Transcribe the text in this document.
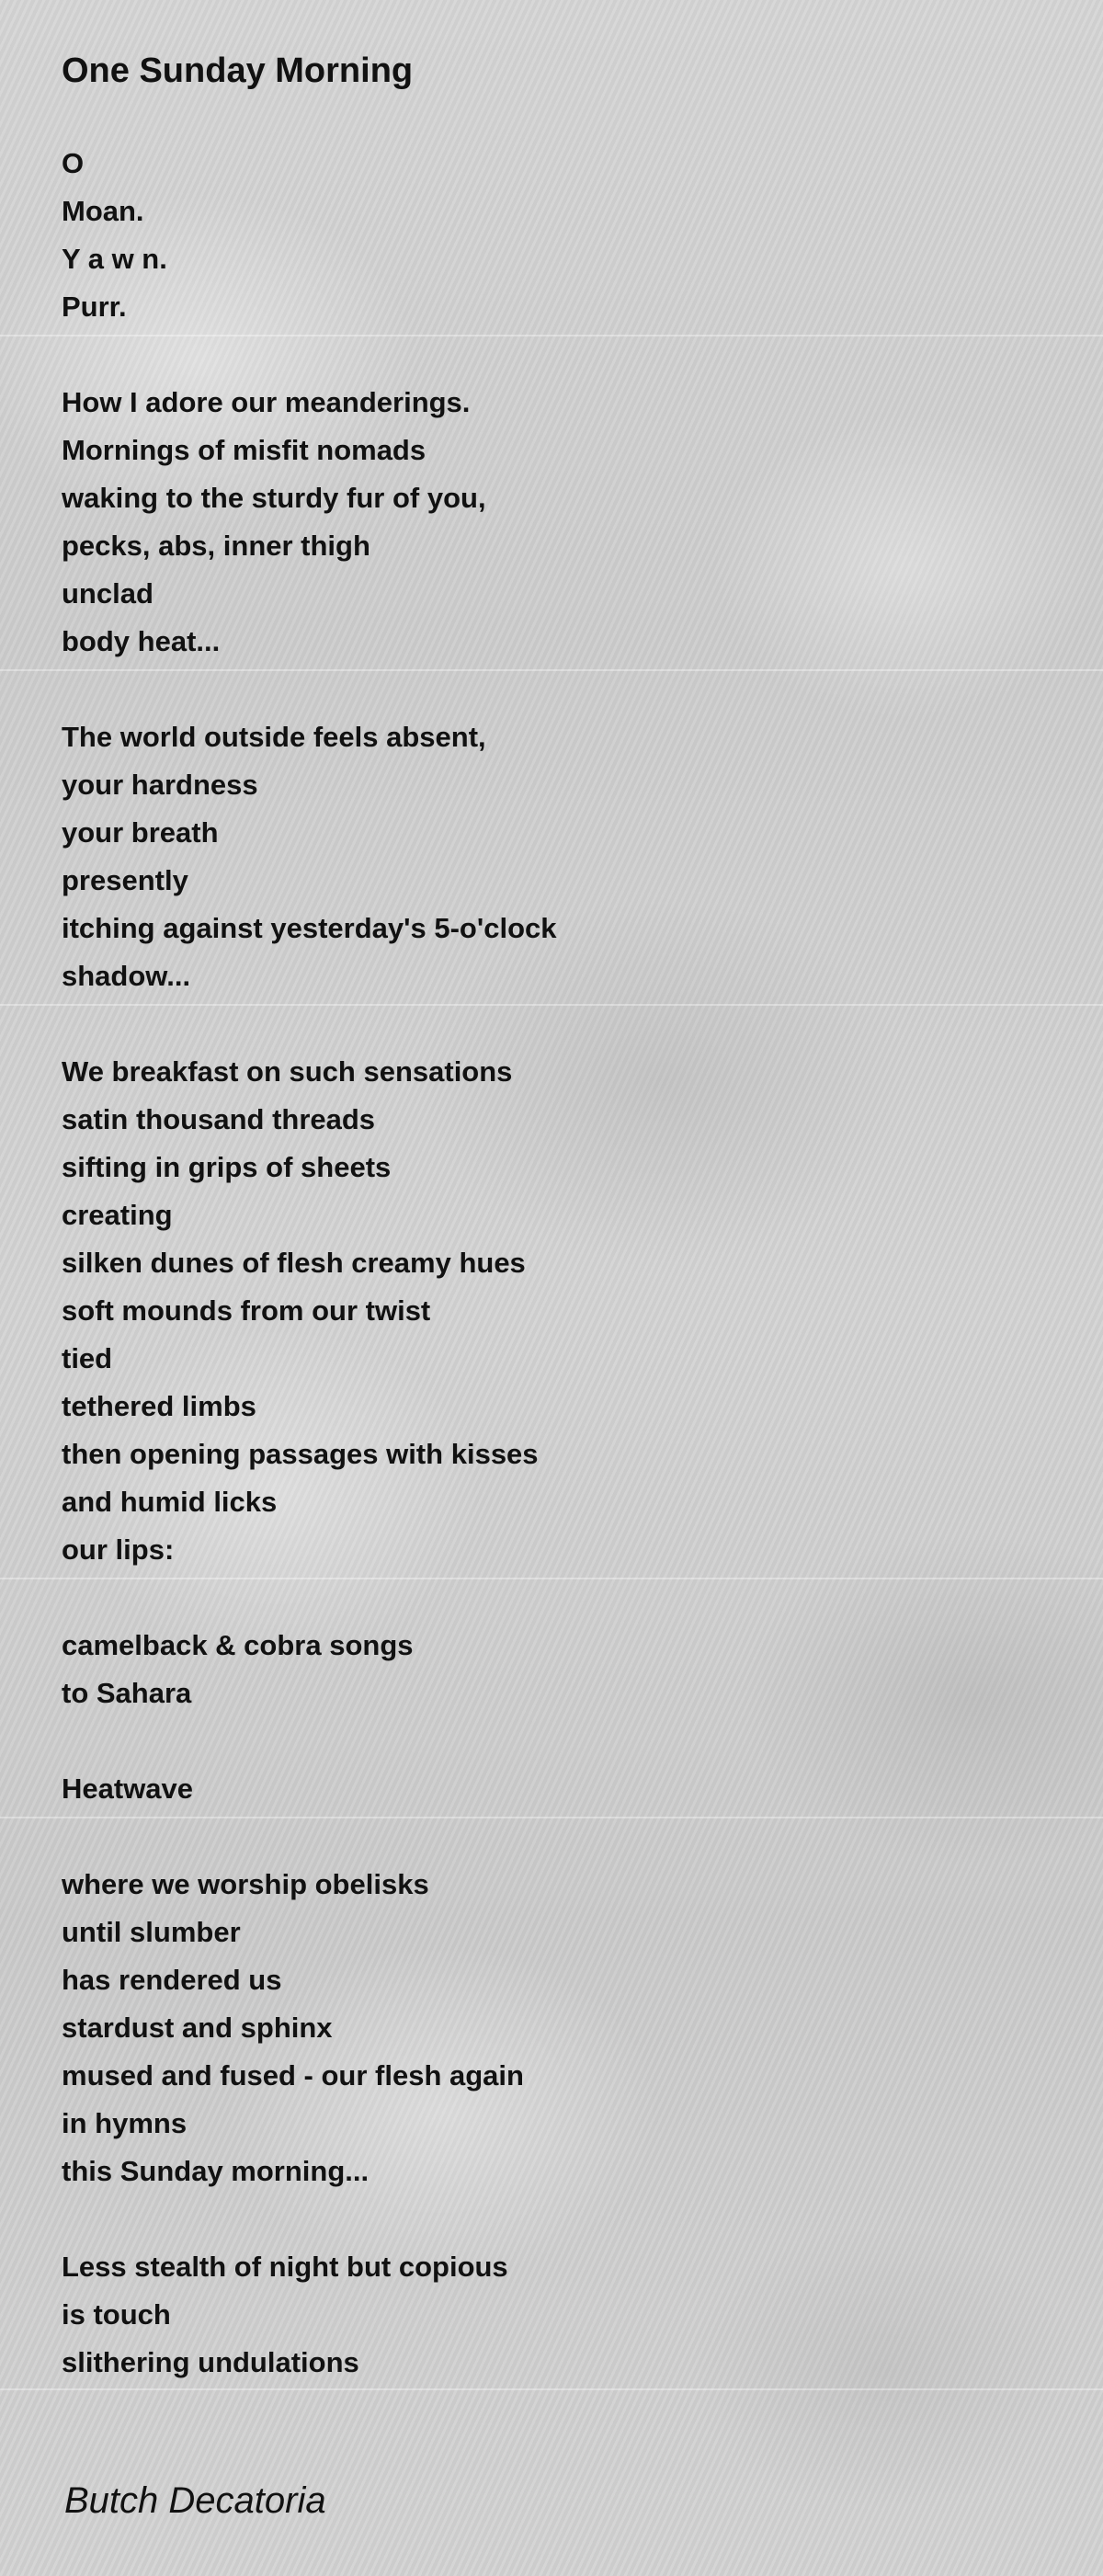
One Sunday Morning
O
Moan.
Y a w n.
Purr.
How I adore our meanderings.
Mornings of misfit nomads
waking to the sturdy fur of you,
pecks, abs, inner thigh
unclad
body heat...
The world outside feels absent,
your hardness
your breath
presently
itching against yesterday's 5-o'clock
shadow...
We breakfast on such sensations
satin thousand threads
sifting in grips of sheets
creating
silken dunes of flesh creamy hues
soft mounds from our twist
tied
tethered limbs
then opening passages with kisses
and humid licks
our lips:
camelback & cobra songs
to Sahara
Heatwave
where we worship obelisks
until slumber
has rendered us
stardust and sphinx
mused and fused - our flesh again
in hymns
this Sunday morning...
Less stealth of night but copious
is touch
slithering undulations
Butch Decatoria
